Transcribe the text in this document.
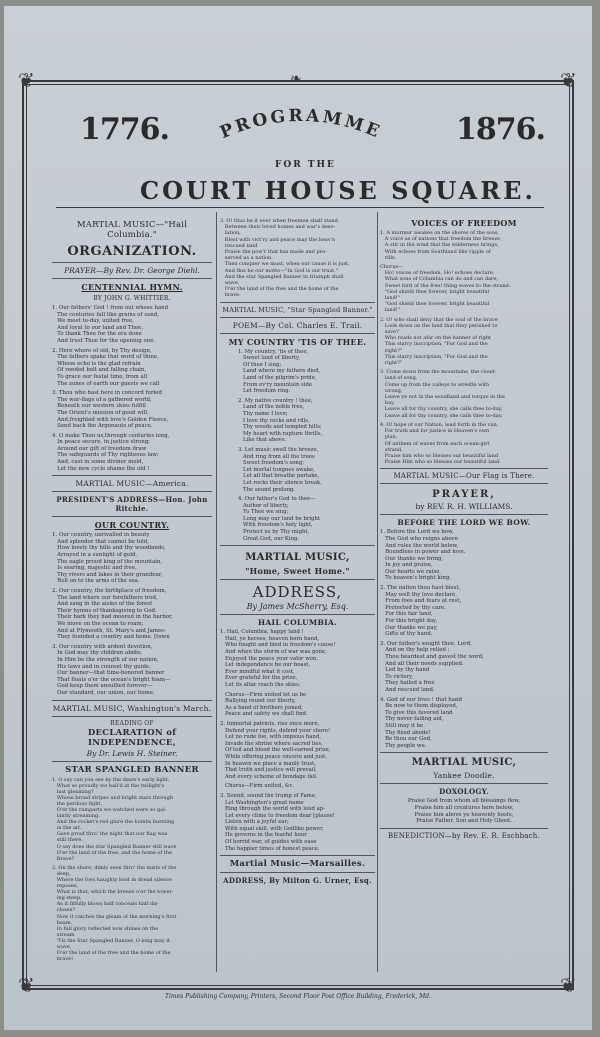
❦	❦
❦	❦
❧
1776.	1876.
PROGRAMME
FOR THE
COURT HOUSE SQUARE.
MARTIAL MUSIC—"Hail Columbia."
ORGANIZATION.
PRAYER—By Rev. Dr. George Diehl.
CENTENNIAL HYMN.
BY JOHN G. WHITTIER.
1. Our fathers' God ! from out whose hand
The centuries fall like grains of sand,
We meet to-day, united free,
And loyal to our land and Thee,
To thank Thee for the era done
And trust Thee for the opening one.
2. Here where of old, by Thy design,
The fathers spake that word of thine,
Whose echo is the glad refrain
Of rended bolt and falling chain,
To grace our festal time, from all
The zones of earth our guests we call
3. Thou who hast here in concord furled
The war-flags of a gathered world,
Beneath our western skies fulfill
The Orient's mission of good will,
And,freighted with love's Golden Fleece,
Send back the Argonauts of peace.
4. O make Thou us,through centuries long,
In peace secure, in justice strong;
Around our gift of freedom draw
The safeguards of Thy righteous law;
And, cast in some diviner mold,
Let the new cycle shame the old !
MARTIAL MUSIC—America.
PRESIDENT'S ADDRESS—Hon. John Ritchie.
OUR COUNTRY.
1. Our country, unrivalled in beauty
And splendor that cannot be told,
How lovely thy hills and thy woodlands,
Arrayed in a sunlight of gold.
The eagle proud king of the mountain,
Is soaring, majestic and free,
Thy rivers and lakes in their grandeur,
Roll on to the arms of the sea.
2. Our country, the birthplace of freedom,
The land where our forefathers trod,
And sang in the aisles of the forest
Their hymns of thanksgiving to God.
Their bark they had moored in the harbor,
We move on the ocean to roam;
And at Plymouth, St. Mary's and James-
They founded a country and home. [town
3. Our country with ardent devotion,
In God may thy children abide;
In Him be the strength of our nation,
His laws and in counsel thy guide,
Our banner—that time-honored banner
That floats o'er the ocean's bright foam—
God keep them unsullied forever—
Our standard, our union, our home.
MARTIAL MUSIC, Washington's March.
READING OF
DECLARATION of INDEPENDENCE,
By Dr. Lewis H. Steiner.
STAR SPANGLED BANNER
1. O say can you see by the dawn's early light,
What so proudly we hail'd at the twilight's
last gleaming?
Whose broad stripes and bright stars through
the perilous fight,
O'er the ramparts we watched were so gal-
lantly streaming.
And the rocket's red glare the bombs bursting
in the air,
Gave proof thro' the night that our flag was
still there.
O say does the star Spangled Banner still wave
O'er the land of the free, and the home of the
Brave?
2. On the shore, dimly seen thro' the mists of the
deep,
Where the foes haughty host in dread silence
reposes,
What is that, which the breeze o'er the tower-
ing steep,
As it fitfully blows half conceals half dis-
closes?
Now it catches the gleam of the morning's first
beam,
In full glory reflected now shines on the
stream
'Tis the Star Spangled Banner, O long may it
wave,
O'er the land of the free and the home of the
brave!
3. O! thus be it ever when freemen shall stand,
Between their loved homes and war's deso-
lation,
Blest with vict'ry and peace may the heav'n
rescued land
Praise the pow'r that has made and pre-
served us a nation.
Then conquer we must, when our cause it is just,
And this be our motto—"In God is our trust,"
And the star Spangled Banner in triumph shall
wave,
O'er the land of the free and the home of the
brave.
MARTIAL MUSIC, "Star Spangled Banner."
POEM—By Col. Charles E. Trail.
MY COUNTRY 'TIS OF THEE.
1. My country, 'tis of thee,
Sweet land of liberty,
Of thee I sing;
Land where my fathers died,
Land of the pilgrim's pride,
From ev'ry mountain side
Let freedom ring.
2. My native country ! thee,
Land of the noble free,
Thy name I love;
I love thy rocks and rills,
Thy woods and templed hills;
My heart with rapture thrills,
Like that above.
3. Let music swell the breeze,
And ring from all the trees
Sweet freedom's song;
Let mortal tongues awake,
Let all that breathe partake,
Let rocks their silence break,
The sound prolong.
4. Our father's God to thee—
Author of liberty,
To Thee we sing;
Long may our land be bright
With freedom's holy light,
Protect us by Thy might,
Great God, our King.
MARTIAL MUSIC,
"Home, Sweet Home."
ADDRESS,
By James McSherry, Esq.
HAIL COLUMBIA.
1. Hail, Columbia, happy land !
Hail, ye heroes, heaven born band,
Who fought and bled in freedom's cause!
And when the storm of war was gone,
Enjoyed the peace your valor won.
Let independence be our boast,
Ever mindful what it cost,
Ever grateful for the prize,
Let its altar reach the skies.
Chorus—Firm united let us be
Rallying round our liberty,
As a band of brothers joined,
Peace and safety we shall find.
2. Immortal patriots, rise once more,
Defend your rights, defend your shore!
Let no rude foe, with impious hand,
Invade the shrine where sacred lies,
Of toil and blood the well-earned prize,
While offering peace sincere and just,
In heaven we place a manly trust,
That truth and justice will prevail,
And every scheme of bondage fail.
Chorus—Firm united, &c.
3. Sound, sound the trump of Fame,
Let Washington's great name
Ring through the world with loud ap-
Let every clime to freedom dear [plause!
Listen with a joyful ear;
With equal skill, with Godlike power,
He governs in the fearful hour
Of horrid war, of guides with ease
The happier times of honest peace.
Martial Music—Marsailles.
ADDRESS, By Milton G. Urner, Esq.
VOICES OF FREEDOM
1. A murmur awakes on the shores of the seas,
A voice as of nations that freedom the breeze,
A stir in the wind that the wilderness brings,
With echoes from Southland like ripple of
rills.
Chorus—
Ho! voices of freedom, Ho! echoes declare,
What sons of Columbia can do and can dare;
Sweet bird of the free! thing waves to the strand:
"God shield thee forever, bright beautiful
land!"
"God shield thee forever, bright beautiful
land!"
2. O! who shall deny that the soul of the brave
Look down on the land that they perished to
save?
Who reads not afar on the banner of right
This starry inscription, "For God and the
right?"
This starry inscription, "For God and the
right?"
3. Come down from the mountains, the cloud-
land of song,
Come up from the valleys to wrestle with
wrong,
Leave ye not in the woodland and torque in the
bay,
Leave all for thy country, she calls thee to-day,
Leave all for thy country, she calls thee to-day.
4. O! hope of our Nation, lead forth in the van,
For truth and for justice in Heaven's own
plan,
Of anthem of waves from each ocean-girt
strand,
Praise him who so blesses our beautiful land
Praise Him who so blesses our beautiful land.
MARTIAL MUSIC—Our Flag is There.
PRAYER,
by REV. R. H. WILLIAMS.
BEFORE THE LORD WE BOW.
1. Before the Lord we bow,
The God who reigns above
And rules the world below,
Boundless in power and love.
Our thanks we bring,
In joy and praise,
Our hearts we raise,
To heaven's bright king.
2. The nation thou hast blest,
May well thy love declare,
From foes and fears at rest,
Protected by thy care.
For this fair land,
For this bright day,
Our thanks we pay,
Gifts of thy hand.
3. Our father's sought thee, Lord,
And on thy help relied ;
Thou heardest and gavest the word,
And all their needs supplied.
Led by thy hand
To victory,
They hailed a free
And rescued land.
4. God of our lives ! that hand
Be now to them displayed,
To give this favored land
Thy never-failing aid,
Still may it be
Thy fixed abode!
Be thou our God,
Thy people we.
MARTIAL MUSIC,
Yankee Doodle.
DOXOLOGY.
Praise God from whom all blessings flow,
Praise him all creatures here below,
Praise him above ye heavenly hosts,
Praise Father, Son and Holy Ghost.
BENEDICTION—by Rev. E. R. Eschbach.
Times Publishing Company, Printers, Second Floor Post Office Building, Frederick, Md.
